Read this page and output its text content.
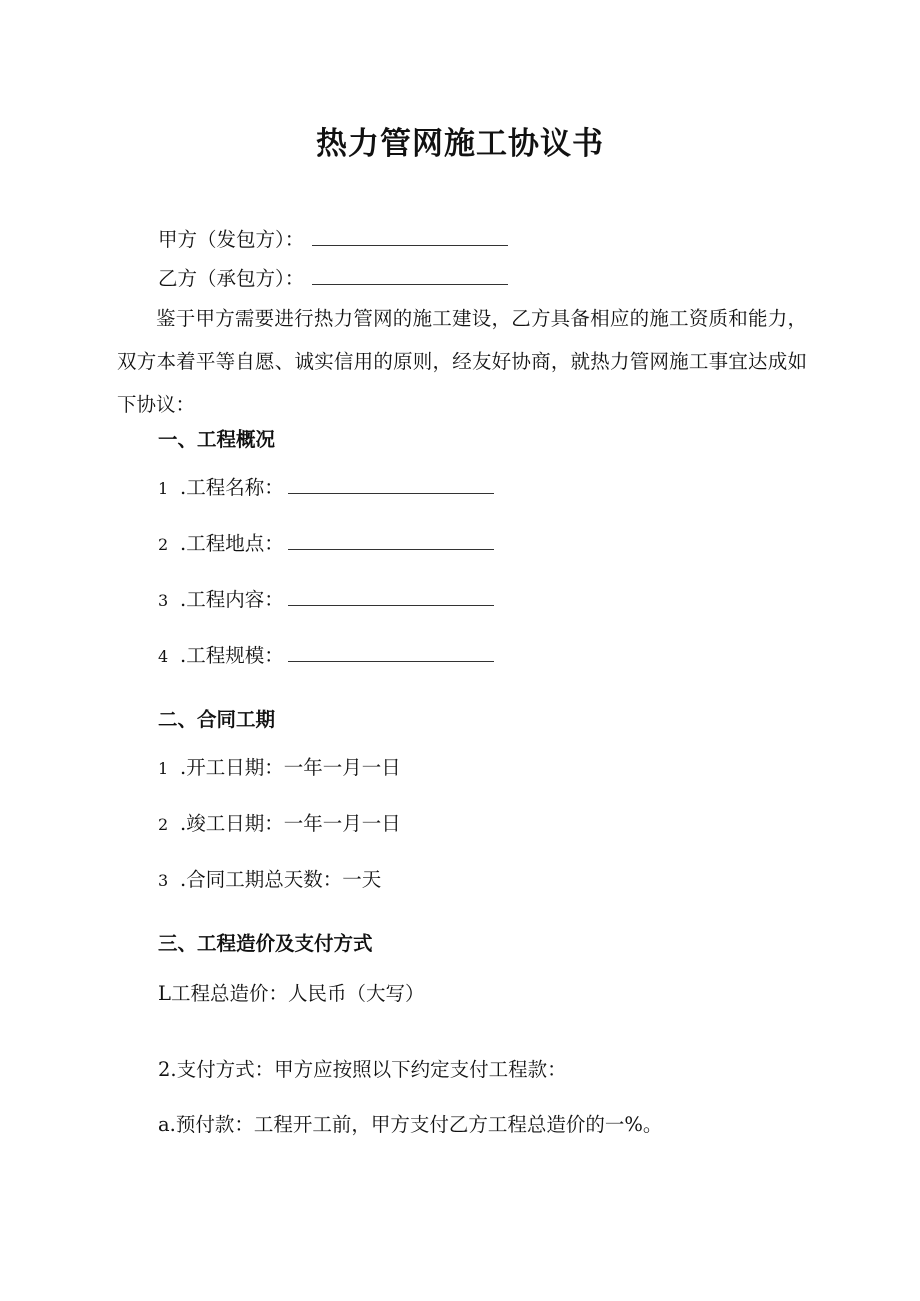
热力管网施工协议书
甲方（发包方）：
乙方（承包方）：
鉴于甲方需要进行热力管网的施工建设，乙方具备相应的施工资质和能力，双方本着平等自愿、诚实信用的原则，经友好协商，就热力管网施工事宜达成如下协议：
一、工程概况
1 .工程名称：
2 .工程地点：
3 .工程内容：
4 .工程规模：
二、合同工期
1 .开工日期：一年一月一日
2 .竣工日期：一年一月一日
3 .合同工期总天数：一天
三、工程造价及支付方式
L工程总造价：人民币（大写）
2.支付方式：甲方应按照以下约定支付工程款：
a.预付款：工程开工前，甲方支付乙方工程总造价的一%。
